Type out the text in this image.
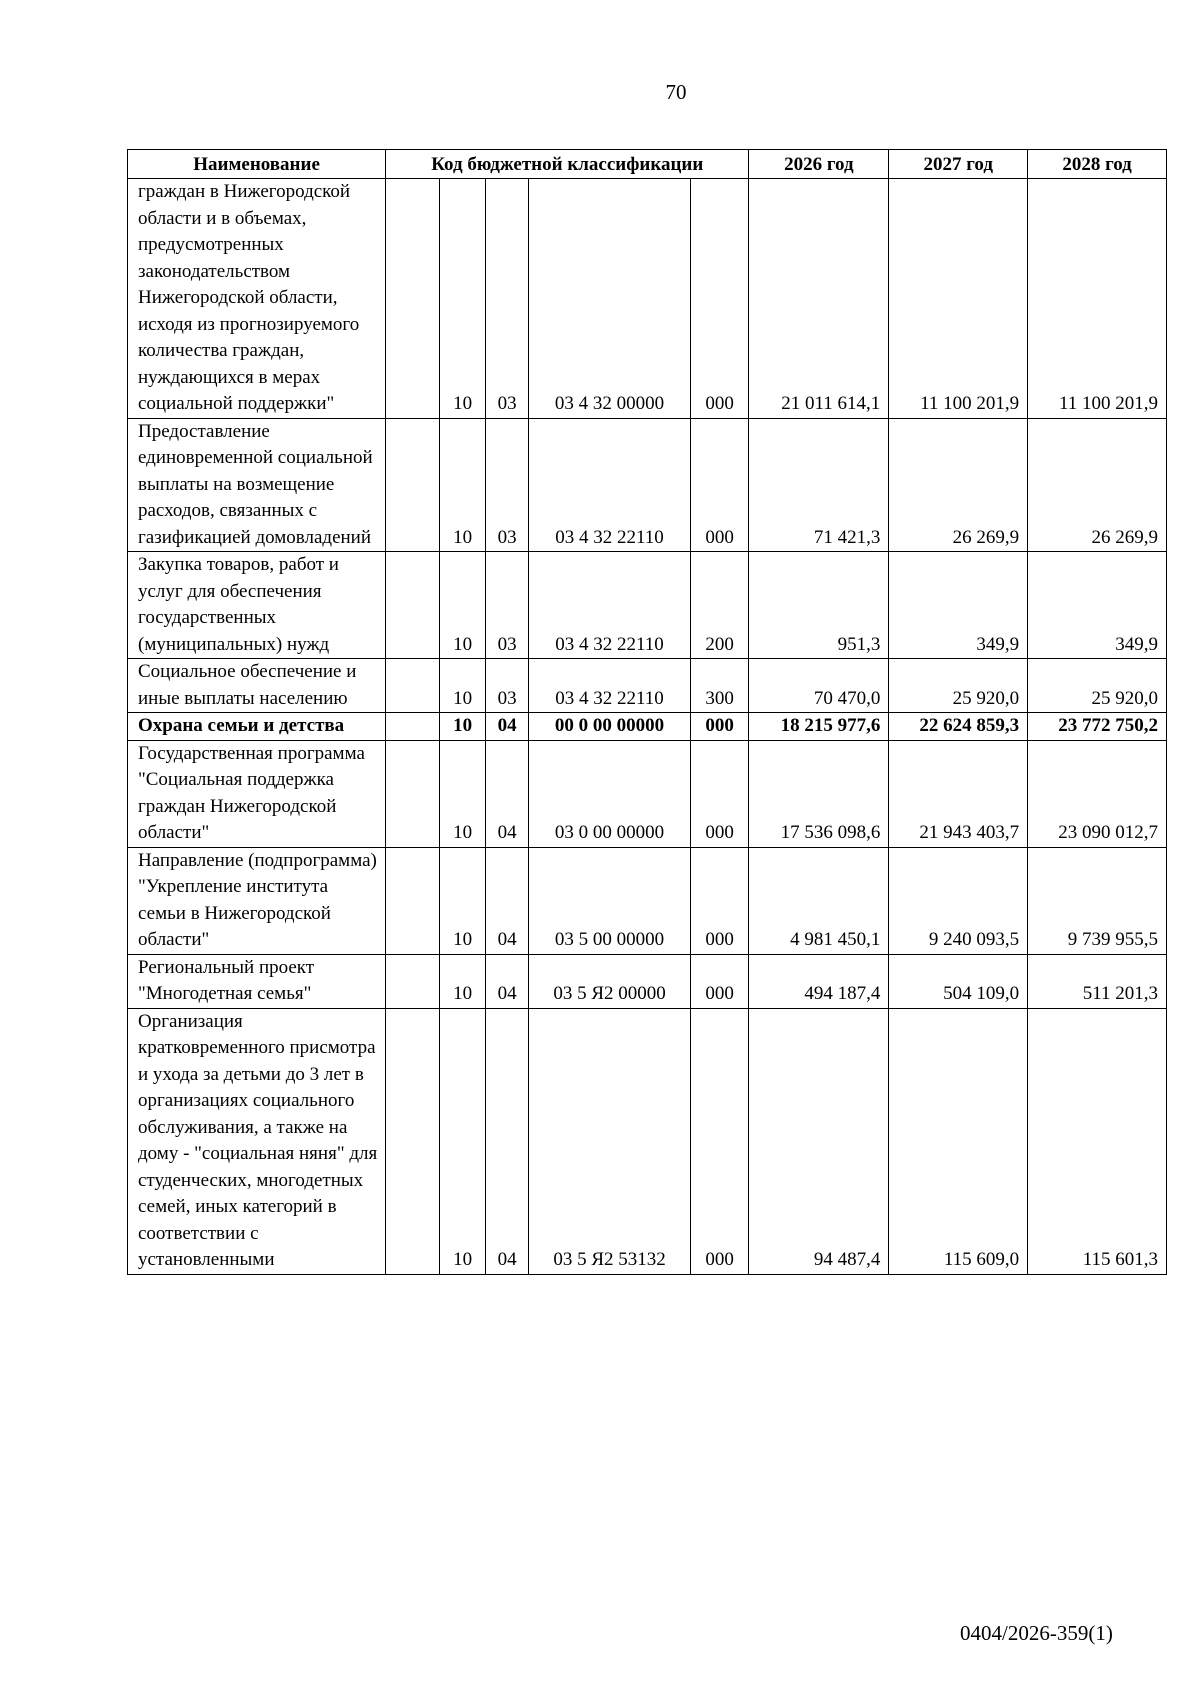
70
Наименование	Код бюджетной классификации					2026 год	2027 год	2028 год
граждан в Нижегородской области и в объемах, предусмотренных законодательством Нижегородской области, исходя из прогнозируемого количества граждан, нуждающихся в мерах социальной поддержки"		10	03	03 4 32 00000	000	21 011 614,1	11 100 201,9	11 100 201,9
Предоставление единовременной социальной выплаты на возмещение расходов, связанных с газификацией домовладений		10	03	03 4 32 22110	000	71 421,3	26 269,9	26 269,9
Закупка товаров, работ и услуг для обеспечения государственных (муниципальных) нужд		10	03	03 4 32 22110	200	951,3	349,9	349,9
Социальное обеспечение и иные выплаты населению		10	03	03 4 32 22110	300	70 470,0	25 920,0	25 920,0
Охрана семьи и детства		10	04	00 0 00 00000	000	18 215 977,6	22 624 859,3	23 772 750,2
Государственная программа "Социальная поддержка граждан Нижегородской области"		10	04	03 0 00 00000	000	17 536 098,6	21 943 403,7	23 090 012,7
Направление (подпрограмма) "Укрепление института семьи в Нижегородской области"		10	04	03 5 00 00000	000	4 981 450,1	9 240 093,5	9 739 955,5
Региональный проект "Многодетная семья"		10	04	03 5 Я2 00000	000	494 187,4	504 109,0	511 201,3
Организация кратковременного присмотра и ухода за детьми до 3 лет в организациях социального обслуживания, а также на дому - "социальная няня" для студенческих, многодетных семей, иных категорий в соответствии с установленными		10	04	03 5 Я2 53132	000	94 487,4	115 609,0	115 601,3
0404/2026-359(1)
